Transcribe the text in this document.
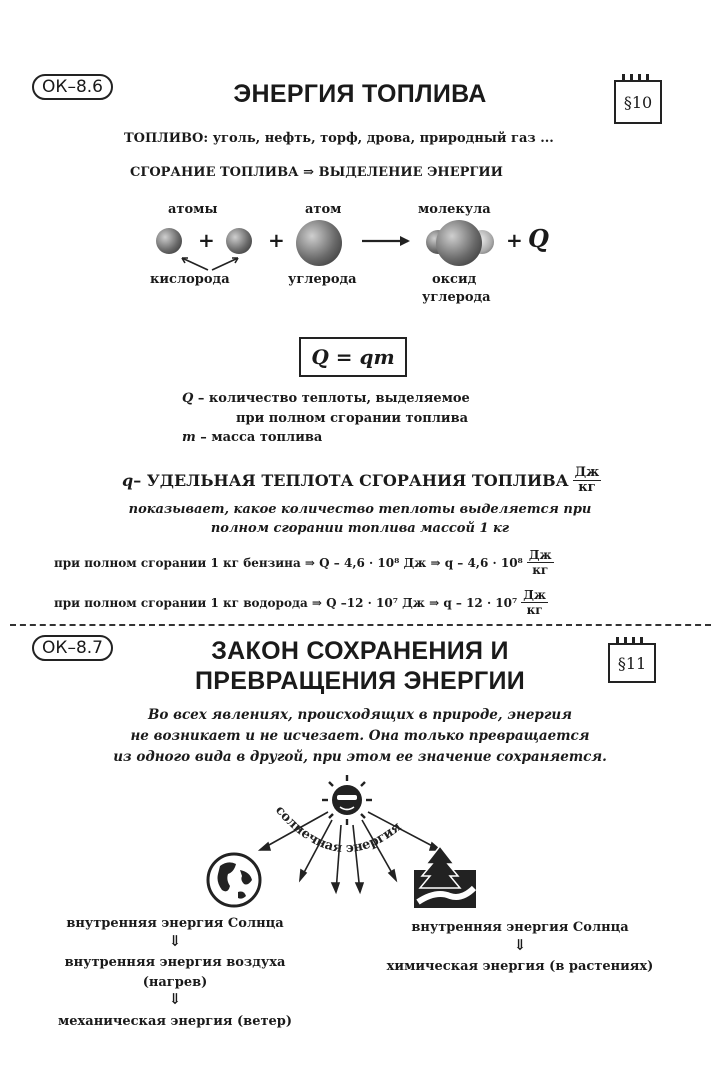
ОК–8.6	ЭНЕРГИЯ ТОПЛИВА	§10
ТОПЛИВО: уголь, нефть, торф, дрова, природный газ ...
СГОРАНИЕ ТОПЛИВА ⇒ ВЫДЕЛЕНИЕ ЭНЕРГИИ
атомы
+
кислорода
+
атом
углерода
молекула
оксид
углерода
+ Q
Q = qm
Q – количество теплоты, выделяемое
при полном сгорании топлива
m – масса топлива
q – УДЕЛЬНАЯ ТЕПЛОТА СГОРАНИЯ ТОПЛИВА $\frac{Дж}{кг}$
показывает, какое количество теплоты выделяется при
полном сгорании топлива массой 1 кг
при полном сгорании 1 кг бензина ⇒ Q – 4,6 · 10⁸ Дж ⇒ $q - 4,6 \cdot 10^8 \frac{Дж}{кг}$
при полном сгорании 1 кг водорода ⇒ Q –12 · 10⁷ Дж ⇒ $q - 12 \cdot 10^7 \frac{Дж}{кг}$
ОК–8.7	ЗАКОН СОХРАНЕНИЯ И
ПРЕВРАЩЕНИЯ ЭНЕРГИИ
§11
Во всех явлениях, происходящих в природе, энергия
не возникает и не исчезает. Она только превращается
из одного вида в другой, при этом ее значение сохраняется.
солнечная энергия
внутренняя энергия Солнца
⇓
внутренняя энергия воздуха
(нагрев)
⇓
механическая энергия (ветер)
внутренняя энергия Солнца
⇓
химическая энергия (в растениях)
